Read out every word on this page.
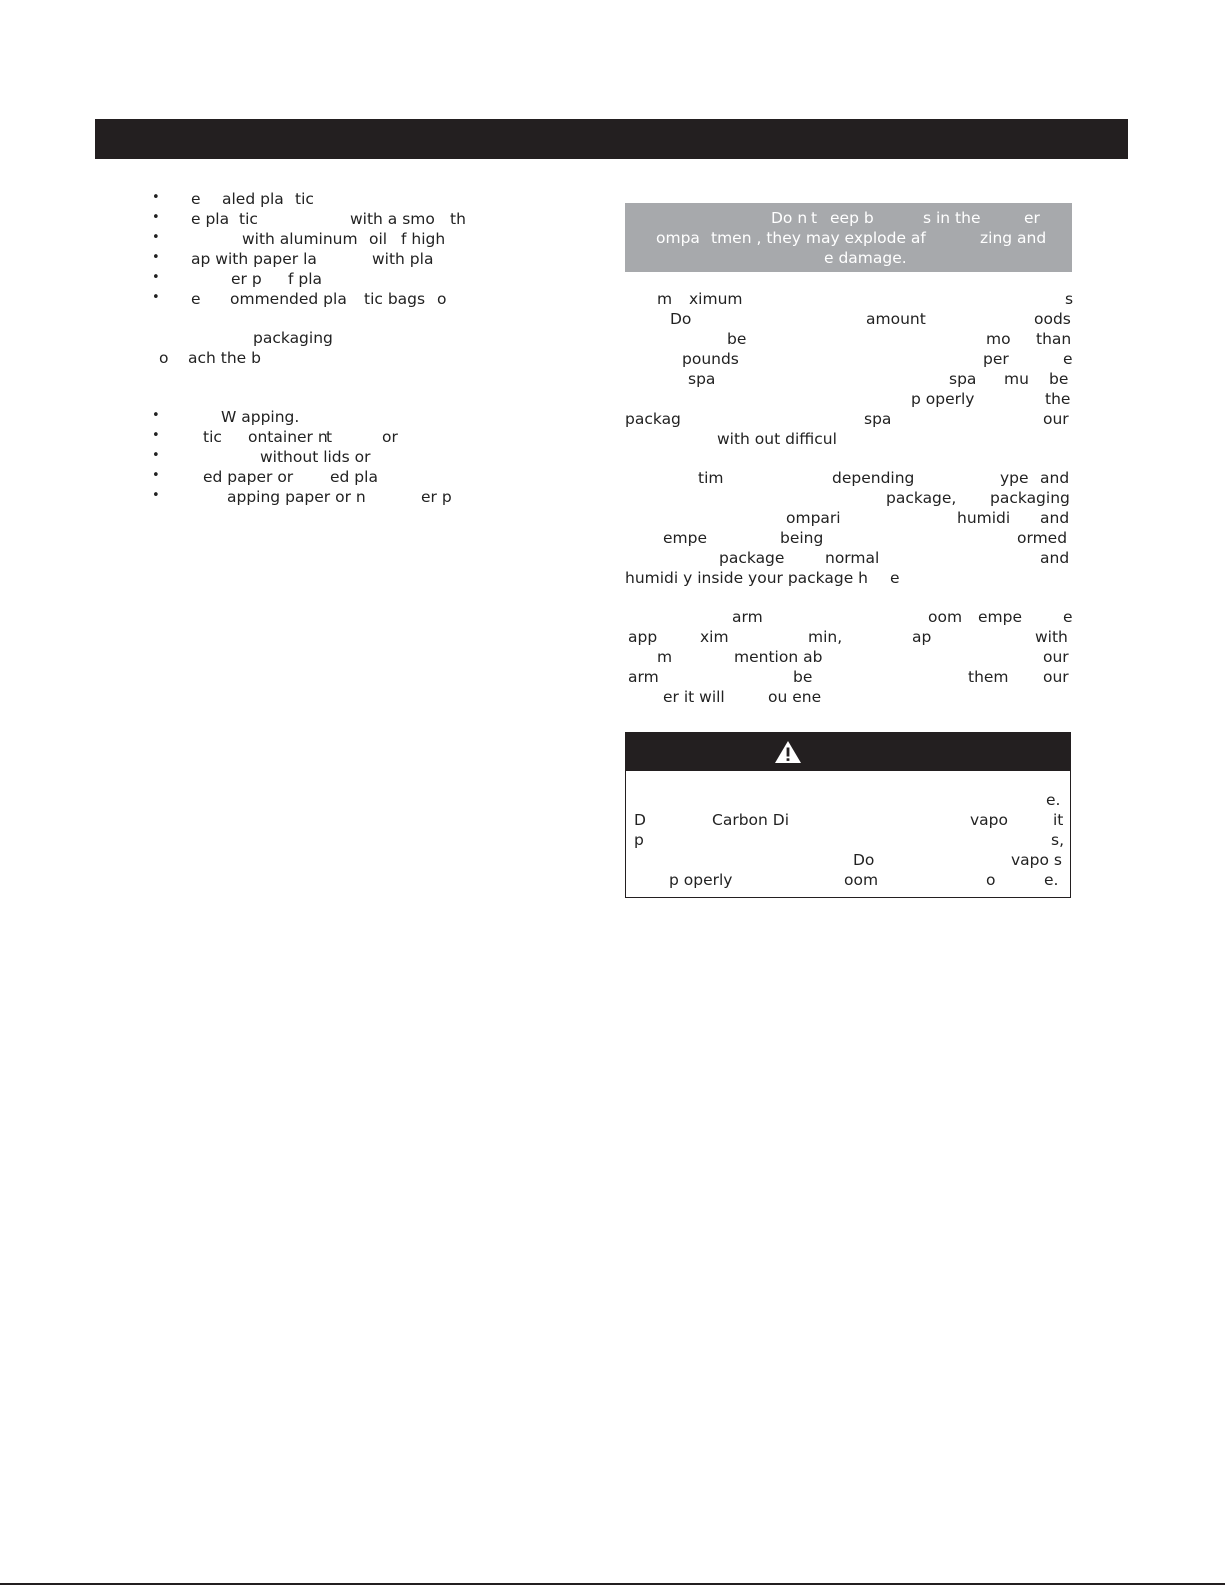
• e aled pla tic
• e pla tic	with a smo th
•	with aluminum oil f high
• ap with paper la	with pla
•	er p f pla
• e ommended pla tic bags o
packaging
o ach the b
•	W apping.
•	tic ontainer n
t	or
•	without lids or
•	ed paper or ed pla
•	apping paper or n	er p
Do n t eep b	s in the	er
ompa tmen , they may explode af	zing and
e damage.
m ximum	s
Do	amount	oods
be	mo than
pounds	per	e
spa	spa mu be
p operly	the
packag	spa	our
with out difficul
tim	depending	ype and
package, packaging
ompari	humidi and
empe	being	ormed
package	normal	and
humidi y inside your package h e
arm	oom empe	e
app	xim	min,	ap	with
m	mention ab	our
arm	be	them our
er it will	ou ene
e.
D	Carbon Di	vapo	it
p	s,
Do	vapo s
p operly	oom	o	e.
